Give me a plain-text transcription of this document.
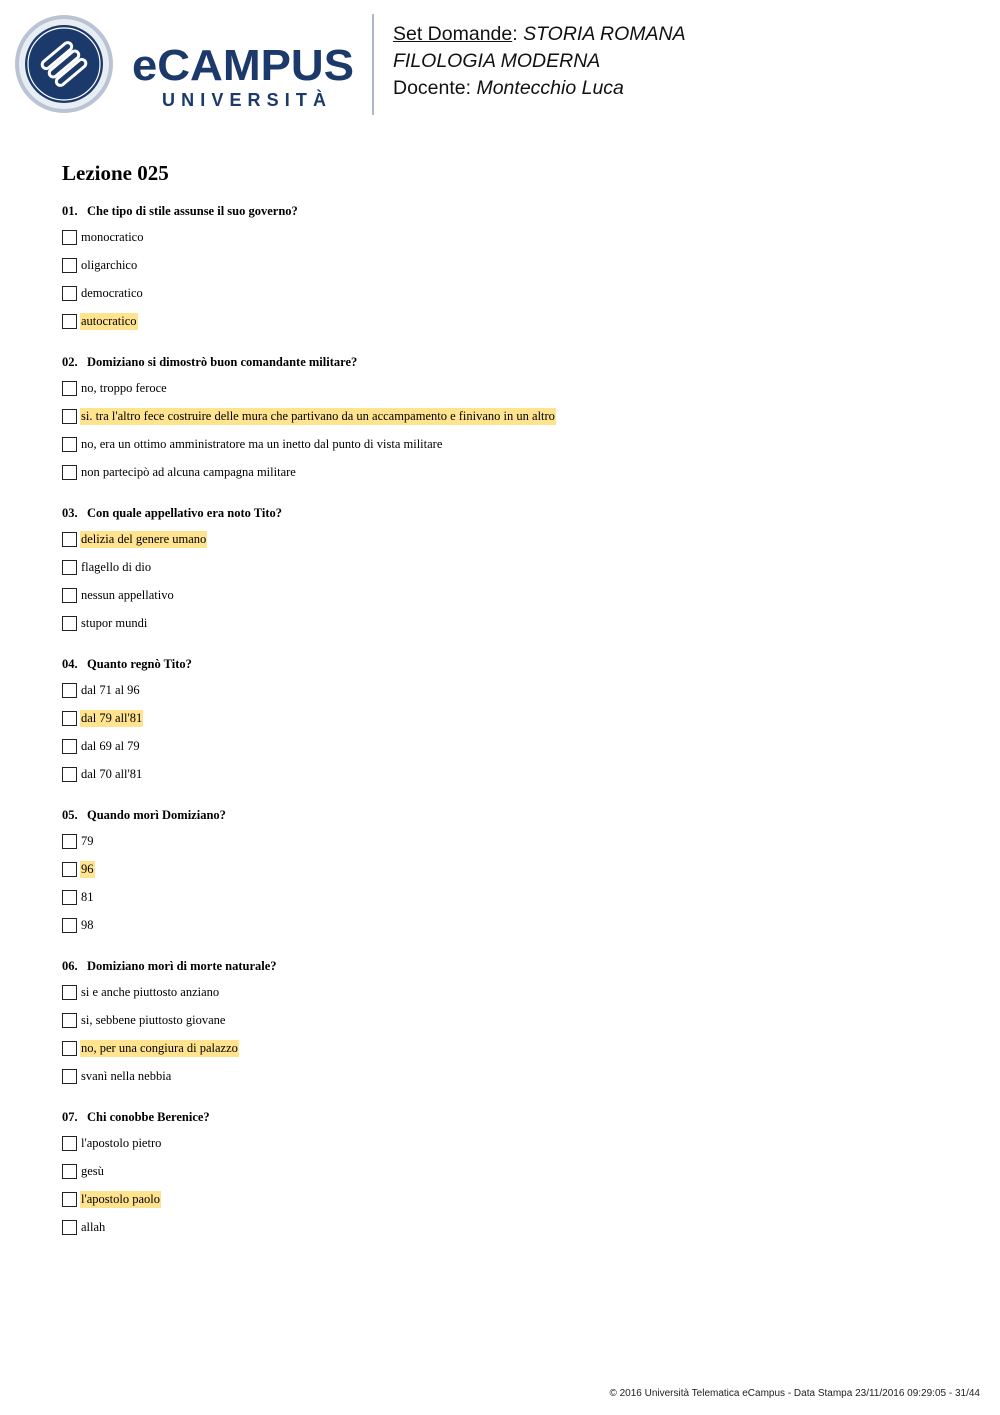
eCAMPUS
UNIVERSITÀ
Set Domande: STORIA ROMANA
FILOLOGIA MODERNA
Docente: Montecchio Luca
Lezione 025
01. Che tipo di stile assunse il suo governo?
monocratico
oligarchico
democratico
autocratico
02. Domiziano si dimostrò buon comandante militare?
no, troppo feroce
si. tra l'altro fece costruire delle mura che partivano da un accampamento e finivano in un altro
no, era un ottimo amministratore ma un inetto dal punto di vista militare
non partecipò ad alcuna campagna militare
03. Con quale appellativo era noto Tito?
delizia del genere umano
flagello di dio
nessun appellativo
stupor mundi
04. Quanto regnò Tito?
dal 71 al 96
dal 79 all'81
dal 69 al 79
dal 70 all'81
05. Quando morì Domiziano?
79
96
81
98
06. Domiziano morì di morte naturale?
si e anche piuttosto anziano
si, sebbene piuttosto giovane
no, per una congiura di palazzo
svanì nella nebbia
07. Chi conobbe Berenice?
l'apostolo pietro
gesù
l'apostolo paolo
allah
© 2016 Università Telematica eCampus - Data Stampa 23/11/2016 09:29:05 - 31/44
